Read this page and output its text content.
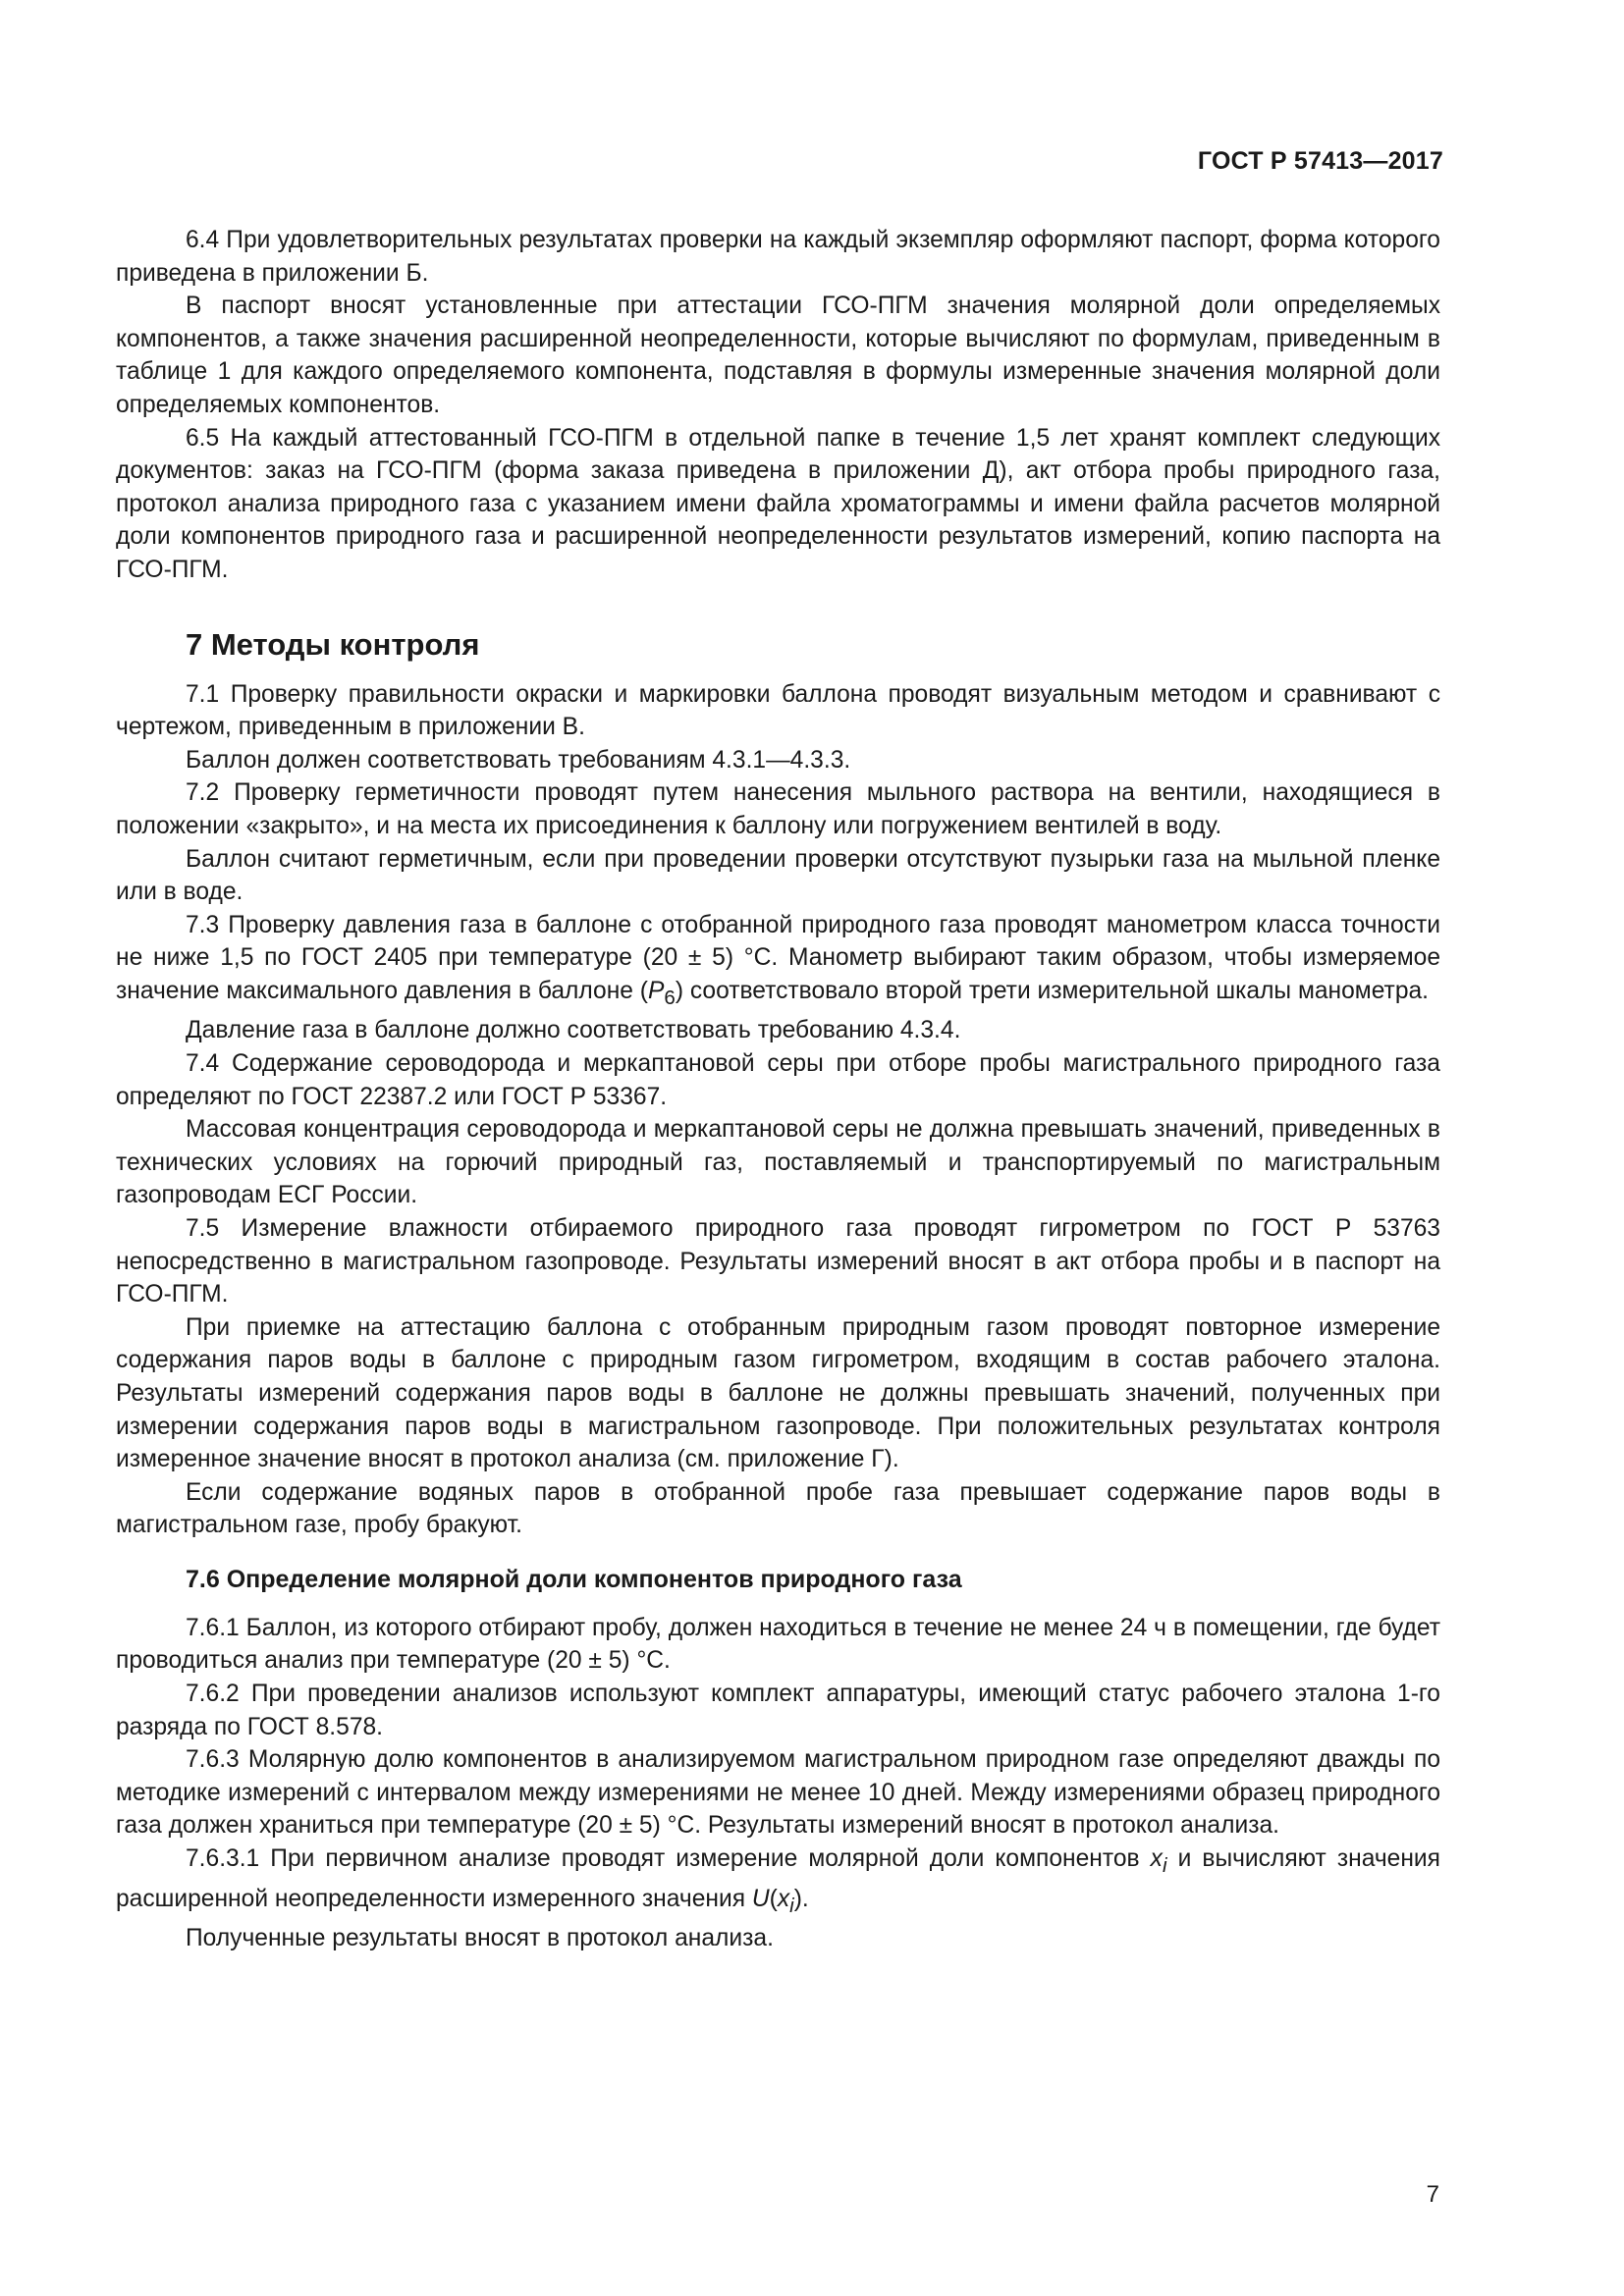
ГОСТ Р 57413—2017

6.4 При удовлетворительных результатах проверки на каждый экземпляр оформляют паспорт, форма которого приведена в приложении Б.

В паспорт вносят установленные при аттестации ГСО-ПГМ значения молярной доли определяемых компонентов, а также значения расширенной неопределенности, которые вычисляют по формулам, приведенным в таблице 1 для каждого определяемого компонента, подставляя в формулы измеренные значения молярной доли определяемых компонентов.

6.5 На каждый аттестованный ГСО-ПГМ в отдельной папке в течение 1,5 лет хранят комплект следующих документов: заказ на ГСО-ПГМ (форма заказа приведена в приложении Д), акт отбора пробы природного газа, протокол анализа природного газа с указанием имени файла хроматограммы и имени файла расчетов молярной доли компонентов природного газа и расширенной неопределенности результатов измерений, копию паспорта на ГСО-ПГМ.

7 Методы контроля

7.1 Проверку правильности окраски и маркировки баллона проводят визуальным методом и сравнивают с чертежом, приведенным в приложении В.

Баллон должен соответствовать требованиям 4.3.1—4.3.3.

7.2 Проверку герметичности проводят путем нанесения мыльного раствора на вентили, находящиеся в положении «закрыто», и на места их присоединения к баллону или погружением вентилей в воду.

Баллон считают герметичным, если при проведении проверки отсутствуют пузырьки газа на мыльной пленке или в воде.

7.3 Проверку давления газа в баллоне с отобранной природного газа проводят манометром класса точности не ниже 1,5 по ГОСТ 2405 при температуре (20 ± 5) °С. Манометр выбирают таким образом, чтобы измеряемое значение максимального давления в баллоне $(P_6)$ соответствовало второй трети измерительной шкалы манометра.

Давление газа в баллоне должно соответствовать требованию 4.3.4.

7.4 Содержание сероводорода и меркаптановой серы при отборе пробы магистрального природного газа определяют по ГОСТ 22387.2 или ГОСТ Р 53367.

Массовая концентрация сероводорода и меркаптановой серы не должна превышать значений, приведенных в технических условиях на горючий природный газ, поставляемый и транспортируемый по магистральным газопроводам ЕСГ России.

7.5 Измерение влажности отбираемого природного газа проводят гигрометром по ГОСТ Р 53763 непосредственно в магистральном газопроводе. Результаты измерений вносят в акт отбора пробы и в паспорт на ГСО-ПГМ.

При приемке на аттестацию баллона с отобранным природным газом проводят повторное измерение содержания паров воды в баллоне с природным газом гигрометром, входящим в состав рабочего эталона. Результаты измерений содержания паров воды в баллоне не должны превышать значений, полученных при измерении содержания паров воды в магистральном газопроводе. При положительных результатах контроля измеренное значение вносят в протокол анализа (см. приложение Г).

Если содержание водяных паров в отобранной пробе газа превышает содержание паров воды в магистральном газе, пробу бракуют.

7.6 Определение молярной доли компонентов природного газа

7.6.1 Баллон, из которого отбирают пробу, должен находиться в течение не менее 24 ч в помещении, где будет проводиться анализ при температуре (20 ± 5) °С.

7.6.2 При проведении анализов используют комплект аппаратуры, имеющий статус рабочего эталона 1-го разряда по ГОСТ 8.578.

7.6.3 Молярную долю компонентов в анализируемом магистральном природном газе определяют дважды по методике измерений с интервалом между измерениями не менее 10 дней. Между измерениями образец природного газа должен храниться при температуре (20 ± 5) °С. Результаты измерений вносят в протокол анализа.

7.6.3.1 При первичном анализе проводят измерение молярной доли компонентов $x_i$ и вычисляют значения расширенной неопределенности измеренного значения $U(x_i)$.

Полученные результаты вносят в протокол анализа.

7
